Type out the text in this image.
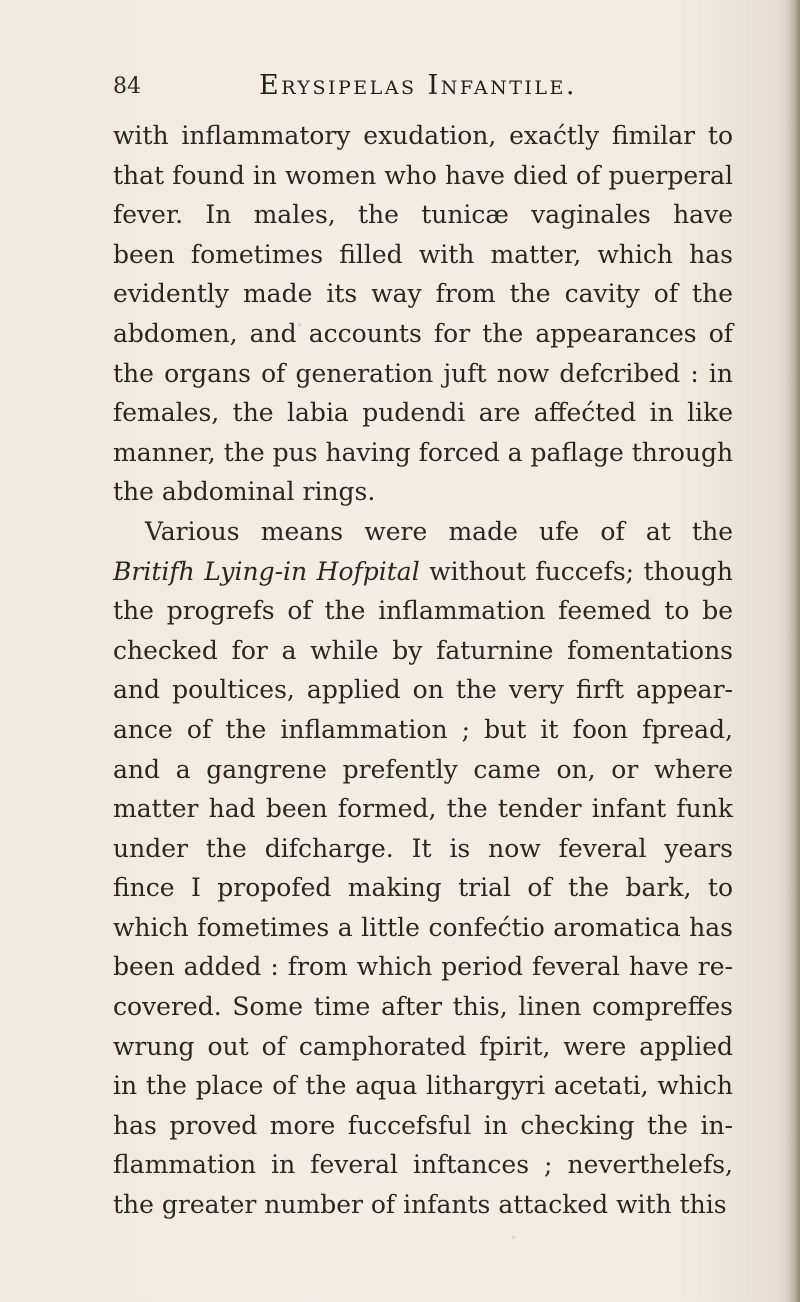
84	Erysipelas Infantile.
with inflammatory exudation, exaćtly fimilar to
that found in women who have died of puerperal
fever. In males, the tunicæ vaginales have
been fometimes filled with matter, which has
evidently made its way from the cavity of the
abdomen, and accounts for the appearances of
the organs of generation juft now defcribed : in
females, the labia pudendi are affećted in like
manner, the pus having forced a paflage through
the abdominal rings.
Various means were made ufe of at the
Britifh Lying-in Hofpital without fuccefs; though
the progrefs of the inflammation feemed to be
checked for a while by faturnine fomentations
and poultices, applied on the very firft appear-
ance of the inflammation ; but it foon fpread,
and a gangrene prefently came on, or where
matter had been formed, the tender infant funk
under the difcharge. It is now feveral years
fince I propofed making trial of the bark, to
which fometimes a little confećtio aromatica has
been added : from which period feveral have re-
covered. Some time after this, linen compreffes
wrung out of camphorated fpirit, were applied
in the place of the aqua lithargyri acetati, which
has proved more fuccefsful in checking the in-
flammation in feveral inftances ; neverthelefs,
the greater number of infants attacked with this
